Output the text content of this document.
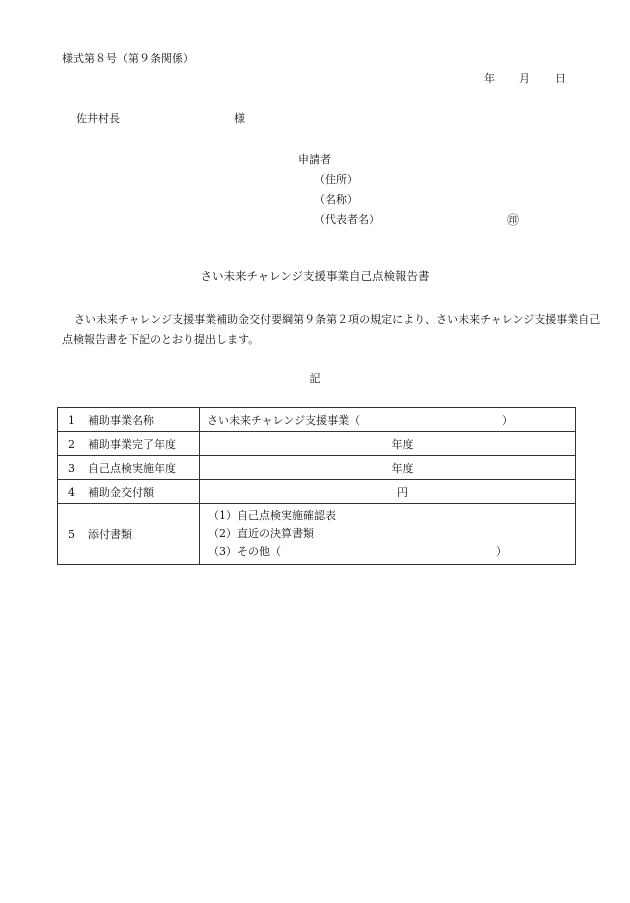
様式第８号（第９条関係）
年 月 日
佐井村長	様
申請者
（住所）
（名称）
（代表者名）	㊞
さい未来チャレンジ支援事業自己点検報告書
さい未来チャレンジ支援事業補助金交付要綱第９条第２項の規定により、さい未来チャレンジ支援事業自己点検報告書を下記のとおり提出します。
記
1 補助事業名称	さい未来チャレンジ支援事業（ ）

2 補助事業完了年度	年度

3 自己点検実施年度	年度

4 補助金交付額	円

5 添付書類	（1）自己点検実施確認表
（2）直近の決算書類
（3）その他（ ）
